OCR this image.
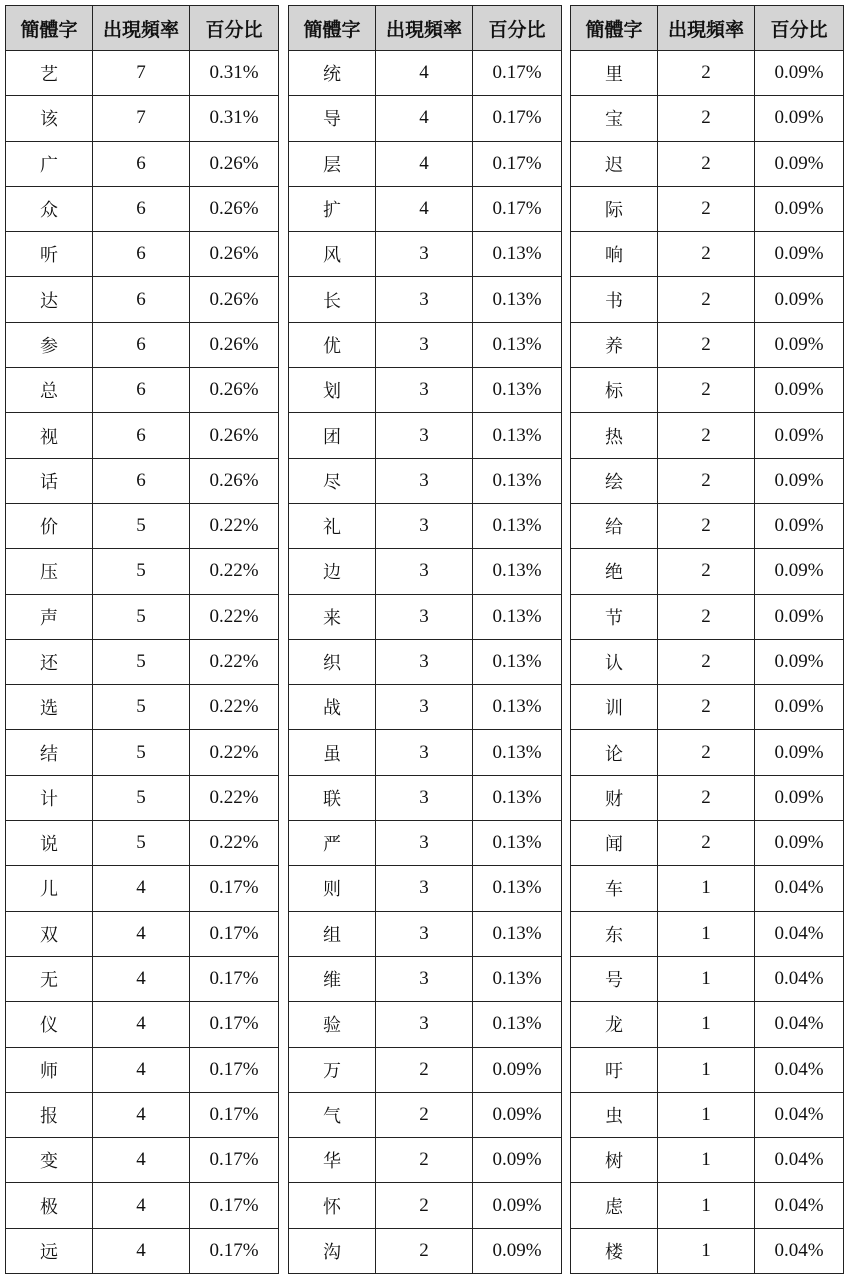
簡體字	出現頻率	百分比
艺	7	0.31%
该	7	0.31%
广	6	0.26%
众	6	0.26%
听	6	0.26%
达	6	0.26%
参	6	0.26%
总	6	0.26%
视	6	0.26%
话	6	0.26%
价	5	0.22%
压	5	0.22%
声	5	0.22%
还	5	0.22%
选	5	0.22%
结	5	0.22%
计	5	0.22%
说	5	0.22%
儿	4	0.17%
双	4	0.17%
无	4	0.17%
仪	4	0.17%
师	4	0.17%
报	4	0.17%
变	4	0.17%
极	4	0.17%
远	4	0.17%
簡體字	出現頻率	百分比
统	4	0.17%
导	4	0.17%
层	4	0.17%
扩	4	0.17%
风	3	0.13%
长	3	0.13%
优	3	0.13%
划	3	0.13%
团	3	0.13%
尽	3	0.13%
礼	3	0.13%
边	3	0.13%
来	3	0.13%
织	3	0.13%
战	3	0.13%
虽	3	0.13%
联	3	0.13%
严	3	0.13%
则	3	0.13%
组	3	0.13%
维	3	0.13%
验	3	0.13%
万	2	0.09%
气	2	0.09%
华	2	0.09%
怀	2	0.09%
沟	2	0.09%
簡體字	出現頻率	百分比
里	2	0.09%
宝	2	0.09%
迟	2	0.09%
际	2	0.09%
响	2	0.09%
书	2	0.09%
养	2	0.09%
标	2	0.09%
热	2	0.09%
绘	2	0.09%
给	2	0.09%
绝	2	0.09%
节	2	0.09%
认	2	0.09%
训	2	0.09%
论	2	0.09%
财	2	0.09%
闻	2	0.09%
车	1	0.04%
东	1	0.04%
号	1	0.04%
龙	1	0.04%
吁	1	0.04%
虫	1	0.04%
树	1	0.04%
虑	1	0.04%
楼	1	0.04%
